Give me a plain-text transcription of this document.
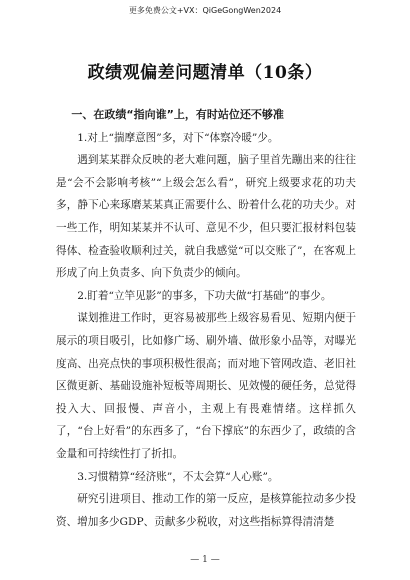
更多免费公文+VX：QiGeGongWen2024
政绩观偏差问题清单（10条）

一、在政绩“指向谁”上，有时站位还不够准

1.对上“揣摩意图”多，对下“体察冷暖”少。

遇到某某群众反映的老大难问题，脑子里首先蹦出来的往往是“会不会影响考核”“上级会怎么看”，研究上级要求花的功夫多，静下心来琢磨某某真正需要什么、盼着什么花的功夫少。对一些工作，明知某某并不认可、意见不少，但只要汇报材料包装得体、检查验收顺利过关，就自我感觉“可以交账了”，在客观上形成了向上负责多、向下负责少的倾向。

2.盯着“立竿见影”的事多，下功夫做“打基础”的事少。

谋划推进工作时，更容易被那些上级容易看见、短期内便于展示的项目吸引，比如修广场、刷外墙、做形象小品等，对曝光度高、出亮点快的事项积极性很高；而对地下管网改造、老旧社区微更新、基础设施补短板等周期长、见效慢的硬任务，总觉得投入大、回报慢、声音小，主观上有畏难情绪。这样抓久了，“台上好看”的东西多了，“台下撑底”的东西少了，政绩的含金量和可持续性打了折扣。

3.习惯精算“经济账”，不太会算“人心账”。

研究引进项目、推动工作的第一反应，是核算能拉动多少投资、增加多少GDP、贡献多少税收，对这些指标算得清清楚

— 1 —
